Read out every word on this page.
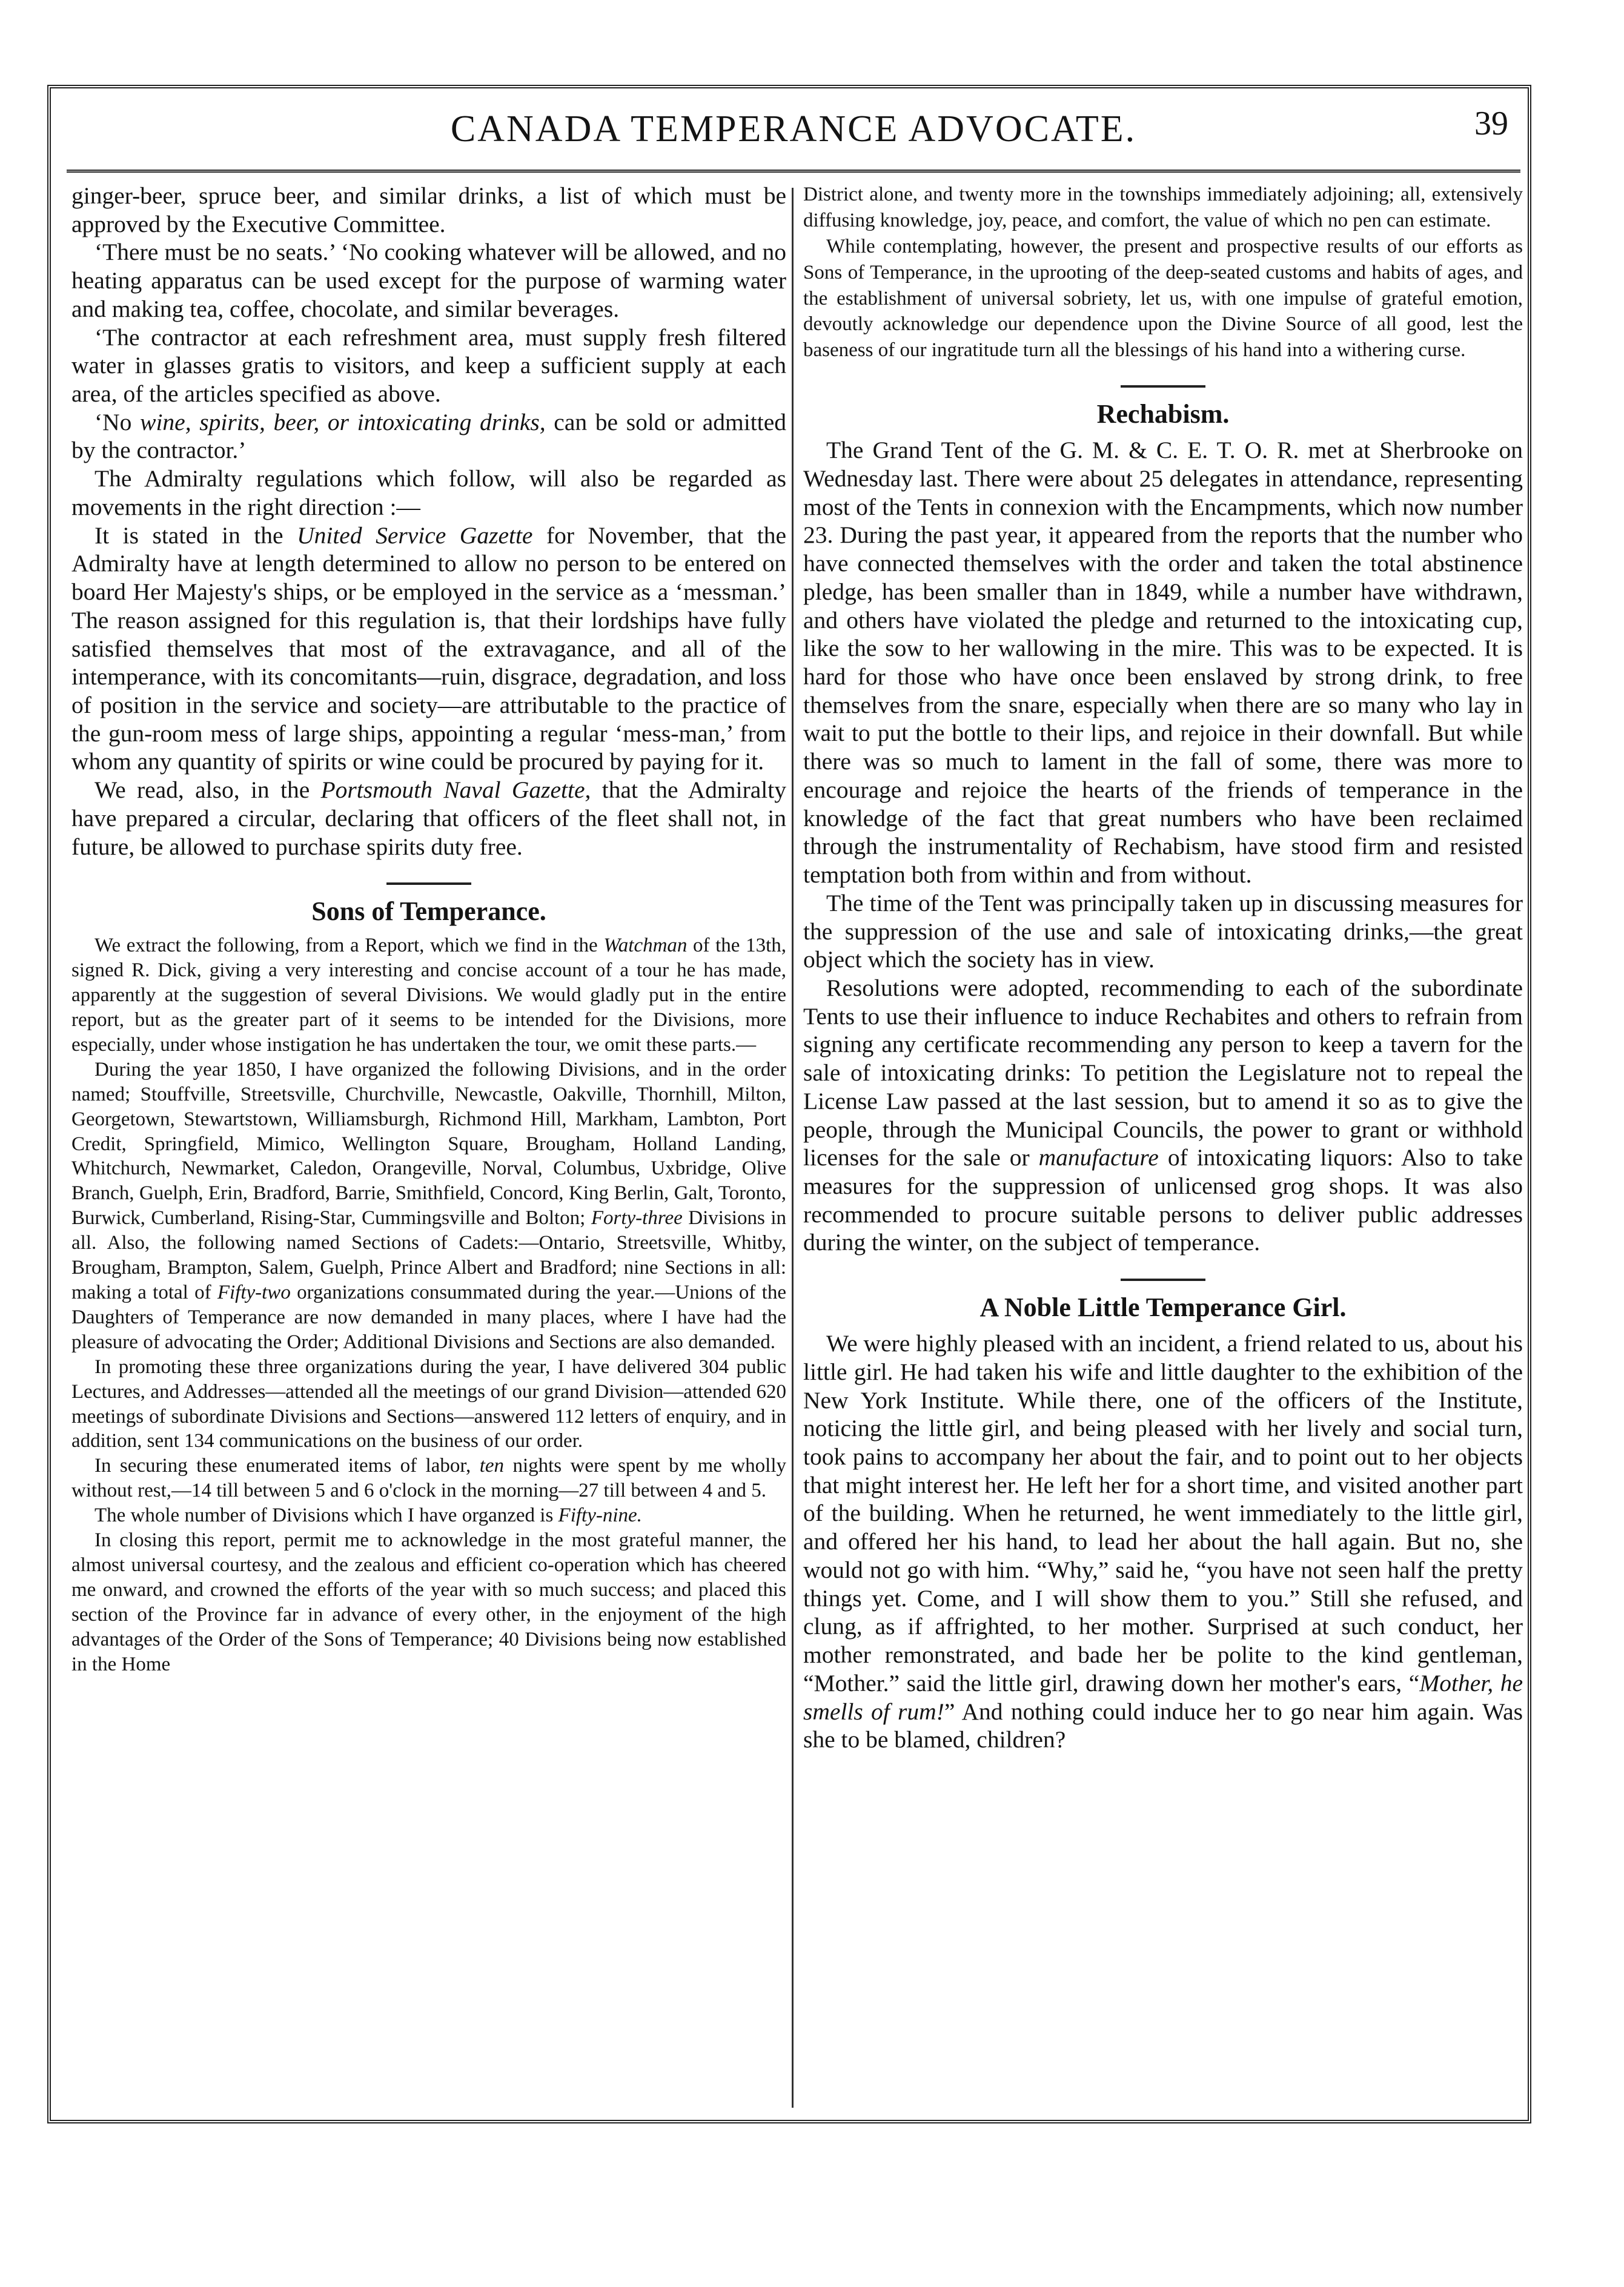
CANADA TEMPERANCE ADVOCATE.	39

ginger-beer, spruce beer, and similar drinks, a list of which must be approved by the Executive Committee.

‘There must be no seats.’ ‘No cooking whatever will be allowed, and no heating apparatus can be used except for the purpose of warming water and making tea, coffee, chocolate, and similar beverages.

‘The contractor at each refreshment area, must supply fresh filtered water in glasses gratis to visitors, and keep a sufficient supply at each area, of the articles specified as above.

‘No wine, spirits, beer, or intoxicating drinks, can be sold or admitted by the contractor.’

The Admiralty regulations which follow, will also be regarded as movements in the right direction :—

It is stated in the United Service Gazette for November, that the Admiralty have at length determined to allow no person to be entered on board Her Majesty's ships, or be employed in the service as a ‘messman.’ The reason assigned for this regulation is, that their lordships have fully satisfied themselves that most of the extravagance, and all of the intemperance, with its concomitants—ruin, disgrace, degradation, and loss of position in the service and society—are attributable to the practice of the gun-room mess of large ships, appointing a regular ‘mess-man,’ from whom any quantity of spirits or wine could be procured by paying for it.

We read, also, in the Portsmouth Naval Gazette, that the Admiralty have prepared a circular, declaring that officers of the fleet shall not, in future, be allowed to purchase spirits duty free.

Sons of Temperance.

We extract the following, from a Report, which we find in the Watchman of the 13th, signed R. Dick, giving a very interesting and concise account of a tour he has made, apparently at the suggestion of several Divisions. We would gladly put in the entire report, but as the greater part of it seems to be intended for the Divisions, more especially, under whose instigation he has undertaken the tour, we omit these parts.—

During the year 1850, I have organized the following Divisions, and in the order named; Stouffville, Streetsville, Churchville, Newcastle, Oakville, Thornhill, Milton, Georgetown, Stewartstown, Williamsburgh, Richmond Hill, Markham, Lambton, Port Credit, Springfield, Mimico, Wellington Square, Brougham, Holland Landing, Whitchurch, Newmarket, Caledon, Orangeville, Norval, Columbus, Uxbridge, Olive Branch, Guelph, Erin, Bradford, Barrie, Smithfield, Concord, King Berlin, Galt, Toronto, Burwick, Cumberland, Rising-Star, Cummingsville and Bolton; Forty-three Divisions in all. Also, the following named Sections of Cadets:—Ontario, Streetsville, Whitby, Brougham, Brampton, Salem, Guelph, Prince Albert and Bradford; nine Sections in all: making a total of Fifty-two organizations consummated during the year.—Unions of the Daughters of Temperance are now demanded in many places, where I have had the pleasure of advocating the Order; Additional Divisions and Sections are also demanded.

In promoting these three organizations during the year, I have delivered 304 public Lectures, and Addresses—attended all the meetings of our grand Division—attended 620 meetings of subordinate Divisions and Sections—answered 112 letters of enquiry, and in addition, sent 134 communications on the business of our order.

In securing these enumerated items of labor, ten nights were spent by me wholly without rest,—14 till between 5 and 6 o'clock in the morning—27 till between 4 and 5.

The whole number of Divisions which I have organzed is Fifty-nine.

In closing this report, permit me to acknowledge in the most grateful manner, the almost universal courtesy, and the zealous and efficient co-operation which has cheered me onward, and crowned the efforts of the year with so much success; and placed this section of the Province far in advance of every other, in the enjoyment of the high advantages of the Order of the Sons of Temperance; 40 Divisions being now established in the Home

District alone, and twenty more in the townships immediately adjoining; all, extensively diffusing knowledge, joy, peace, and comfort, the value of which no pen can estimate.

While contemplating, however, the present and prospective results of our efforts as Sons of Temperance, in the uprooting of the deep-seated customs and habits of ages, and the establishment of universal sobriety, let us, with one impulse of grateful emotion, devoutly acknowledge our dependence upon the Divine Source of all good, lest the baseness of our ingratitude turn all the blessings of his hand into a withering curse.

Rechabism.

The Grand Tent of the G. M. & C. E. T. O. R. met at Sherbrooke on Wednesday last. There were about 25 delegates in attendance, representing most of the Tents in connexion with the Encampments, which now number 23. During the past year, it appeared from the reports that the number who have connected themselves with the order and taken the total abstinence pledge, has been smaller than in 1849, while a number have withdrawn, and others have violated the pledge and returned to the intoxicating cup, like the sow to her wallowing in the mire. This was to be expected. It is hard for those who have once been enslaved by strong drink, to free themselves from the snare, especially when there are so many who lay in wait to put the bottle to their lips, and rejoice in their downfall. But while there was so much to lament in the fall of some, there was more to encourage and rejoice the hearts of the friends of temperance in the knowledge of the fact that great numbers who have been reclaimed through the instrumentality of Rechabism, have stood firm and resisted temptation both from within and from without.

The time of the Tent was principally taken up in discussing measures for the suppression of the use and sale of intoxicating drinks,—the great object which the society has in view.

Resolutions were adopted, recommending to each of the subordinate Tents to use their influence to induce Rechabites and others to refrain from signing any certificate recommending any person to keep a tavern for the sale of intoxicating drinks: To petition the Legislature not to repeal the License Law passed at the last session, but to amend it so as to give the people, through the Municipal Councils, the power to grant or withhold licenses for the sale or manufacture of intoxicating liquors: Also to take measures for the suppression of unlicensed grog shops. It was also recommended to procure suitable persons to deliver public addresses during the winter, on the subject of temperance.

A Noble Little Temperance Girl.

We were highly pleased with an incident, a friend related to us, about his little girl. He had taken his wife and little daughter to the exhibition of the New York Institute. While there, one of the officers of the Institute, noticing the little girl, and being pleased with her lively and social turn, took pains to accompany her about the fair, and to point out to her objects that might interest her. He left her for a short time, and visited another part of the building. When he returned, he went immediately to the little girl, and offered her his hand, to lead her about the hall again. But no, she would not go with him. “Why,” said he, “you have not seen half the pretty things yet. Come, and I will show them to you.” Still she refused, and clung, as if affrighted, to her mother. Surprised at such conduct, her mother remonstrated, and bade her be polite to the kind gentleman, “Mother.” said the little girl, drawing down her mother's ears, “Mother, he smells of rum!” And nothing could induce her to go near him again. Was she to be blamed, children?
